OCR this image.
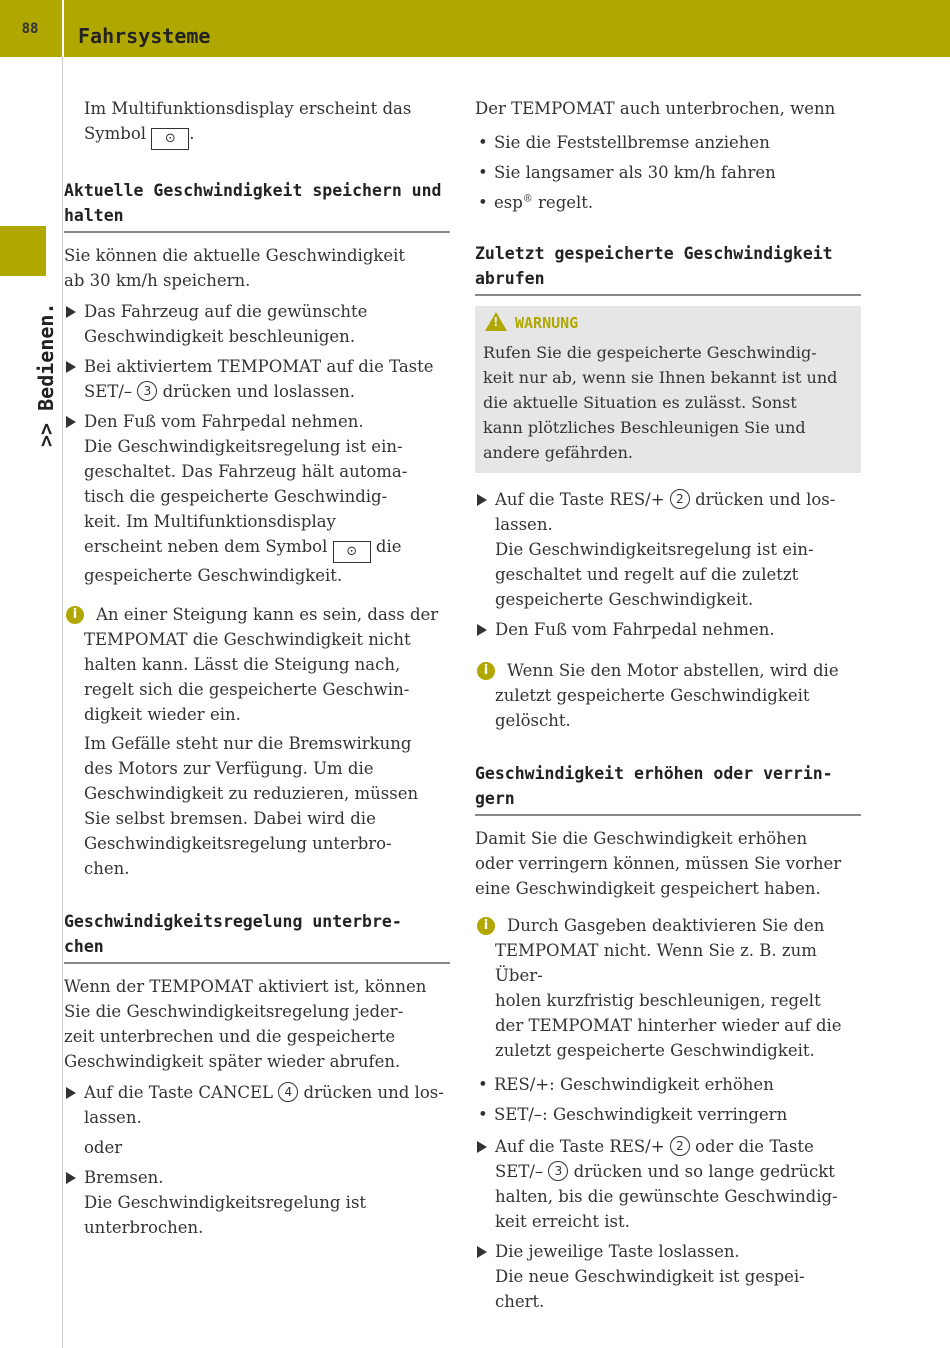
88	Fahrsysteme
>> Bedienen.

Im Multifunktionsdisplay erscheint das

Symbol ⊙ .

Aktuelle Geschwindigkeit speichern und

halten

Sie können die aktuelle Geschwindigkeit

ab 30 km/h speichern.

Das Fahrzeug auf die gewünschte

Geschwindigkeit beschleunigen.

Bei aktiviertem TEMPOMAT auf die Taste

SET/– 3 drücken und loslassen.

Den Fuß vom Fahrpedal nehmen.

Die Geschwindigkeitsregelung ist ein-

geschaltet. Das Fahrzeug hält automa-

tisch die gespeicherte Geschwindig-

keit. Im Multifunktionsdisplay

erscheint neben dem Symbol ⊙ die

gespeicherte Geschwindigkeit.

i	An einer Steigung kann es sein, dass der

TEMPOMAT die Geschwindigkeit nicht

halten kann. Lässt die Steigung nach,

regelt sich die gespeicherte Geschwin-

digkeit wieder ein.

Im Gefälle steht nur die Bremswirkung

des Motors zur Verfügung. Um die

Geschwindigkeit zu reduzieren, müssen

Sie selbst bremsen. Dabei wird die

Geschwindigkeitsregelung unterbro-

chen.

Geschwindigkeitsregelung unterbre-

chen

Wenn der TEMPOMAT aktiviert ist, können

Sie die Geschwindigkeitsregelung jeder-

zeit unterbrechen und die gespeicherte

Geschwindigkeit später wieder abrufen.

Auf die Taste CANCEL 4 drücken und los-

lassen.

oder

Bremsen.

Die Geschwindigkeitsregelung ist

unterbrochen.

Der TEMPOMAT auch unterbrochen, wenn

• Sie die Feststellbremse anziehen

• Sie langsamer als 30 km/h fahren

• esp® regelt.

Zuletzt gespeicherte Geschwindigkeit

abrufen

!WARNUNG

Rufen Sie die gespeicherte Geschwindig-

keit nur ab, wenn sie Ihnen bekannt ist und

die aktuelle Situation es zulässt. Sonst

kann plötzliches Beschleunigen Sie und

andere gefährden.

Auf die Taste RES/+ 2 drücken und los-

lassen.

Die Geschwindigkeitsregelung ist ein-

geschaltet und regelt auf die zuletzt

gespeicherte Geschwindigkeit.

Den Fuß vom Fahrpedal nehmen.

i	Wenn Sie den Motor abstellen, wird die

zuletzt gespeicherte Geschwindigkeit

gelöscht.

Geschwindigkeit erhöhen oder verrin-

gern

Damit Sie die Geschwindigkeit erhöhen

oder verringern können, müssen Sie vorher

eine Geschwindigkeit gespeichert haben.

i	Durch Gasgeben deaktivieren Sie den

TEMPOMAT nicht. Wenn Sie z. B. zum Über-

holen kurzfristig beschleunigen, regelt

der TEMPOMAT hinterher wieder auf die

zuletzt gespeicherte Geschwindigkeit.

• RES/+: Geschwindigkeit erhöhen

• SET/–: Geschwindigkeit verringern

Auf die Taste RES/+ 2 oder die Taste

SET/– 3 drücken und so lange gedrückt

halten, bis die gewünschte Geschwindig-

keit erreicht ist.

Die jeweilige Taste loslassen.

Die neue Geschwindigkeit ist gespei-

chert.
